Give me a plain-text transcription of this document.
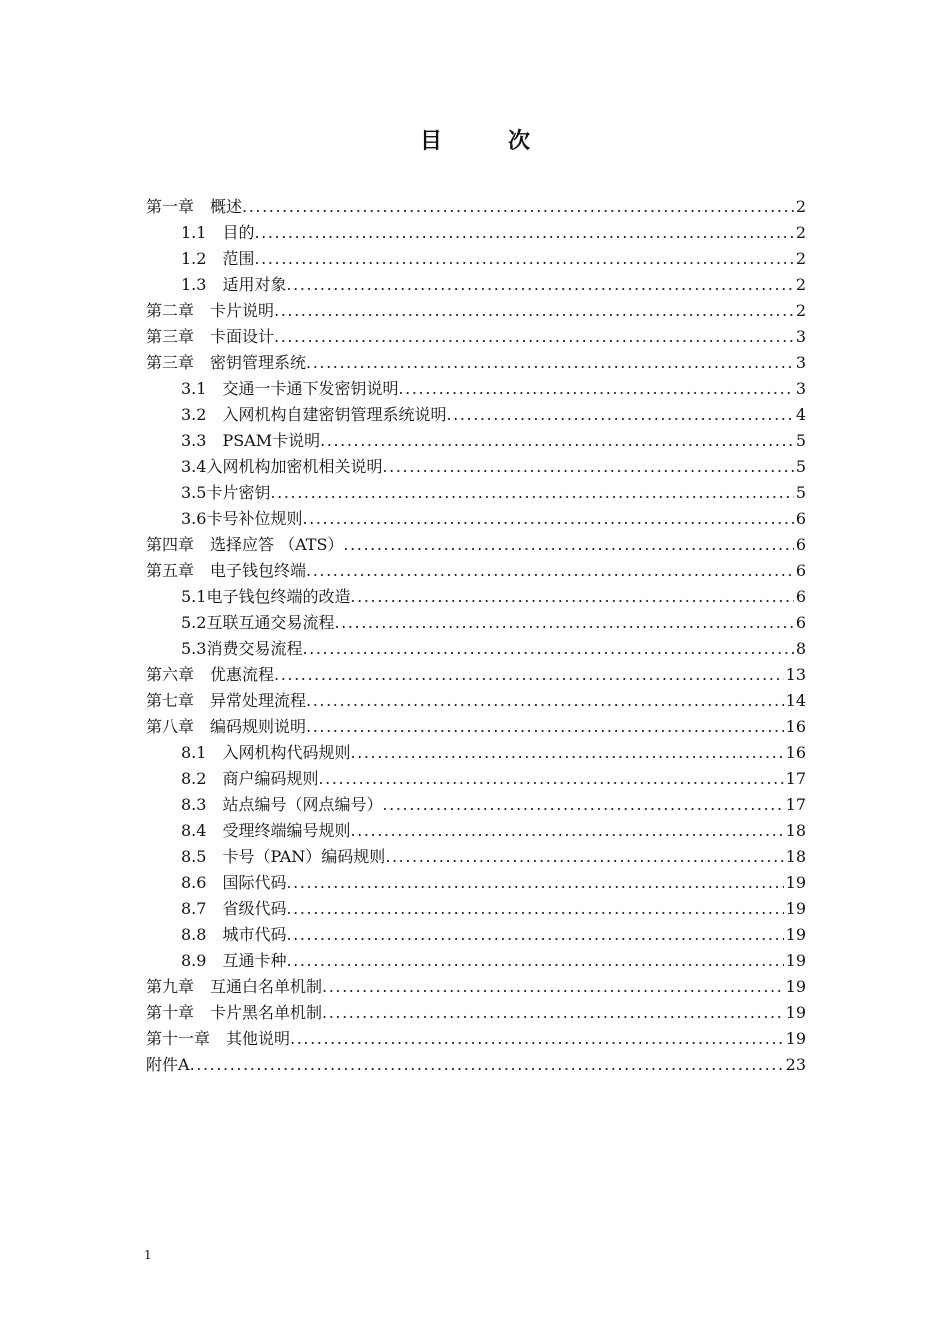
目　次
第一章　 概述 .....	2
1.1　 目的 .....	2
1.2　 范围 .....	2
1.3　 适用对象 .....	2
第二章　 卡片说明 .....	2
第三章　 卡面设计 .....	3
第三章　 密钥管理系统 .....	3
3.1　 交通一卡通下发密钥说明 .....	3
3.2　 入网机构自建密钥管理系统说明 .....	4
3.3　 PSAM卡说明 .....	5
3.4 入网机构加密机相关说明 .....	5
3.5 卡片密钥 .....	5
3.6 卡号补位规则 .....	6
第四章　 选择应答 （ATS） .....	6
第五章　 电子钱包终端 .....	6
5.1 电子钱包终端的改造 .....	6
5.2 互联互通交易流程 .....	6
5.3 消费交易流程 .....	8
第六章　 优惠流程 .....	13
第七章　 异常处理流程 .....	14
第八章　 编码规则说明 .....	16
8.1　 入网机构代码规则 .....	16
8.2　 商户编码规则 .....	17
8.3　 站点编号（网点编号） .....	17
8.4　 受理终端编号规则 .....	18
8.5　 卡号（PAN）编码规则 .....	18
8.6　 国际代码 .....	19
8.7　 省级代码 .....	19
8.8　 城市代码 .....	19
8.9　 互通卡种 .....	19
第九章　 互通白名单机制 .....	19
第十章　 卡片黑名单机制 .....	19
第十一章　 其他说明 .....	19
附件 A .....	23
1
